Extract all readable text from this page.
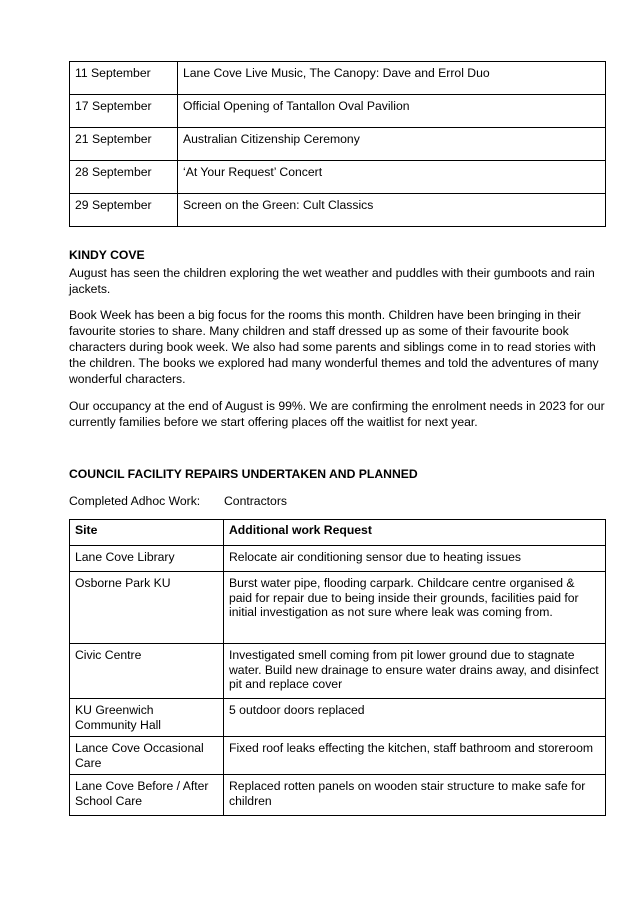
11 September	Lane Cove Live Music, The Canopy: Dave and Errol Duo
17 September	Official Opening of Tantallon Oval Pavilion
21 September	Australian Citizenship Ceremony
28 September	‘At Your Request’ Concert
29 September	Screen on the Green: Cult Classics
KINDY COVE

August has seen the children exploring the wet weather and puddles with their gumboots and rain jackets.

Book Week has been a big focus for the rooms this month. Children have been bringing in their favourite stories to share. Many children and staff dressed up as some of their favourite book characters during book week. We also had some parents and siblings come in to read stories with the children. The books we explored had many wonderful themes and told the adventures of many wonderful characters.

Our occupancy at the end of August is 99%. We are confirming the enrolment needs in 2023 for our currently families before we start offering places off the waitlist for next year.

COUNCIL FACILITY REPAIRS UNDERTAKEN AND PLANNED

Completed Adhoc Work: Contractors

Site	Additional work Request
Lane Cove Library	Relocate air conditioning sensor due to heating issues
Osborne Park KU	Burst water pipe, flooding carpark. Childcare centre organised & paid for repair due to being inside their grounds, facilities paid for initial investigation as not sure where leak was coming from.
Civic Centre	Investigated smell coming from pit lower ground due to stagnate water. Build new drainage to ensure water drains away, and disinfect pit and replace cover
KU Greenwich Community Hall	5 outdoor doors replaced
Lance Cove Occasional Care	Fixed roof leaks effecting the kitchen, staff bathroom and storeroom
Lane Cove Before / After School Care	Replaced rotten panels on wooden stair structure to make safe for children
